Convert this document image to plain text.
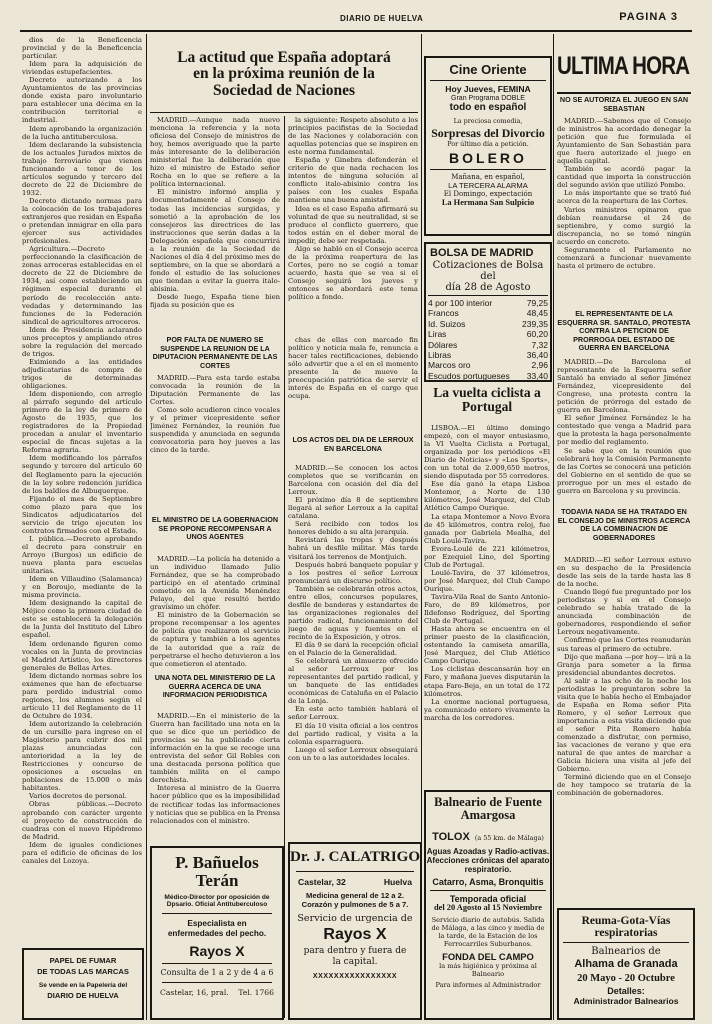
DIARIO DE HUELVA	PAGINA 3

dios de la Beneficencia provincial y de la Beneficencia particular.

Idem para la adquisición de viviendas estupefacientes.

Decreto autorizando a los Ayuntamientos de las provincias donde exista paro involuntario para establecer una décima en la contribución territorial e industrial.

Idem aprobando la organización de la lucha antituberculosa.

Idem declarando la subsistencia de los actuales Jurados mixtos de trabajo ferroviario que vienen funcionando a tenor de los artículos segundo y tercero del decreto de 22 de Diciembre de 1932.

Decreto dictando normas para la colocación de los trabajadores extranjeros que residan en España o pretendan inmigrar en ella para ejercer sus actividades profesionales.

Agricultura.—Decreto perfeccionando la clasificación de zonas arroceras establecidas en el decreto de 22 de Diciembre de 1934, así como estableciendo un régimen especial durante el período de recolección ante-vedadas y determinando las funciones de la Federación sindical de agricultores arroceros.

Idem de Presidencia aclarando unos preceptos y ampliando otros sobre la regulación del mercado de trigos.

Eximiendo a las entidades adjudicatarias de compra de trigos de determinadas obligaciones.

Idem disponiendo, con arreglo al párrafo segundo del artículo primero de la ley de primero de Agosto de 1935, que los registradores de la Propiedad procedan a anular el inventario especial de fincas sujetas a la Reforma agraria.

Idem modificando los párrafos segundo y tercero del artículo 60 del Reglamento para la ejecución de la ley sobre redención jurídica de los baldíos de Albuquerque.

Fijando el mes de Septiembre como plazo para que los Sindicatos adjudicatarios del servicio de trigo ejecuten los contratos firmados con el Estado.

I. pública.—Decreto aprobando el decreto para construir en Arroyo (Burgos) un edificio de nueva planta para escuelas unitarias.

Idem en Villaudino (Salamanca) y en Boroujo, mediante de la misma provincia.

Idem designando la capital de Méjico como la primera ciudad de este se establecerá la delegación de la Junta del Instituto del Libro español.

Idem ordenando figuren como vocales en la Junta de provincias el Madrid Artístico, los directores generales de Bellas Artes.

Idem dictando normas sobre los exámenes que han de efectuarse para perdido industrial como regiones, los alumnos según el artículo 11 del Reglamento de 11 de Octubre de 1934.

Idem autorizando la celebración de un cursillo para ingreso en el Magisterio para cubrir dos mil plazas anunciadas con anterioridad a la ley de Restricciones y concurso de oposiciones a escuelas en poblaciones de 15.000 o más habitantes.

Varios decretos de personal.

Obras públicas.—Decreto aprobando con carácter urgente el proyecto de construcción de cuadras con el nuevo Hipódromo de Madrid.

Idem de iguales condiciones para el edificio de oficinas de los canales del Lozoya.

PAPEL DE FUMAR
DE TODAS LAS MARCAS
Se vende en la Papelería del
DIARIO DE HUELVA
La actitud que España adoptará
en la próxima reunión de la
Sociedad de Naciones

MADRID.—Aunque nada nuevo menciona la referencia y la nota oficiosa del Consejo de ministros de hoy, hemos averiguado que la parte más interesante de la deliberación ministerial fue la deliberación que hizo el ministro de Estado señor Rocha en lo que se refiere a la política internacional.

El ministro informó amplia y documentadamente al Consejo de todas las incidencias surgidas, y sometió a la aprobación de los consejeros las directrices de las instrucciones que serán dadas a la Delegación española que concurrirá a la reunión de la Sociedad de Naciones el día 4 del próximo mes de septiembre, en la que se abordará a fondo el estudio de las soluciones que tiendan a evitar la guerra italo-abisinia.

Desde luego, España tiene bien fijada su posición que es

POR FALTA DE NUMERO SE SUSPENDE LA REUNION DE LA DIPUTACION PERMANENTE DE LAS CORTES

MADRID.—Para esta tarde estaba convocada la reunión de la Diputación Permanente de las Cortes.

Como solo acudieron cinco vocales y el primer vicepresidente señor Jiménez Fernández, la reunión fue suspendida y anunciada en segunda convocatoria para hoy jueves a las cinco de la tarde.

EL MINISTRO DE LA GOBERNACION SE PROPONE RECOMPENSAR A UNOS AGENTES

MADRID.—La policía ha detenido a un individuo llamado Julio Fernández, que se ha comprobado participó en el atentado criminal cometido en la Avenida Menéndez Pelayo, del que resultó herido gravísimo un chófer.

El ministro de la Gobernación se propone recompensar a los agentes de policía que realizaron el servicio de captura y también a los agentes de la autoridad que a raíz de perpetrarse el hecho detuvieron a los que cometieron el atentado.

UNA NOTA DEL MINISTERIO DE LA GUERRA ACERCA DE UNA INFORMACION PERIODISTICA

MADRID.—En el ministerio de la Guerra han facilitado una nota en la que se dice que un periódico de provincias se ha publicado cierta información en la que se recoge una entrevista del señor Gil Robles con una destacada persona política que también milita en el campo derechista.

Interesa al ministro de la Guerra hacer público que es la imposibilidad de rectificar todas las informaciones y noticias que se publica en la Prensa relacionados con el ministro.

P. Bañuelos Terán
Médico-Director por oposición de
Dpsario. Oficial Antituberculoso
Especialista en enfermedades del pecho.
Rayos X
Consulta de 1 a 2 y de 4 a 6
Castelar, 16, pral. Tel. 1766

la siguiente: Respeto absoluto a los principios pacifistas de la Sociedad de las Naciones y colaboración con aquellas potencias que se inspiren en este norma fundamental.

España y Ginebra defenderán el criterio de que nada rechacen los intentos de ninguna solución al conflicto italo-abisinio contra los países con los cuales España mantiene una buena amistad.

Idea es el caso España afirmará su voluntad de que su neutralidad, si se produce el conflicto guerrero, que todos están en el deber moral de impedir, debe ser respetada.

Algo se habló en el Consejo acerca de la próxima reapertura de las Cortes, pero no se cogió a tomar acuerdo, hasta que se vea si el Consejo seguirá los jueves y entonces se abordará este tema político a fondo.

chas de ellas con marcado fin político y noticia mala fe, renuncia a hacer tales rectificaciones, debiendo sólo advertir que a el en el momento presente la de mueve la preocupación patriótica de servir el interés de España en el cargo que ocupa.

LOS ACTOS DEL DIA DE LERROUX EN BARCELONA

MADRID.—Se conocen los actos completos que se verificarán en Barcelona con ocasión del día del Lerroux.

El próximo día 8 de septiembre llegará al señor Lerroux a la capital catalana.

Será recibido con todos los honores debido a su alta jerarquía.

Revistará las tropas y después habrá un desfile militar. Más tarde visitará los terrenos de Montjuich.

Después habrá banquete popular y a los postres el señor Lerroux pronunciará un discurso político.

También se celebrarán otros actos, entre ellos, concursos populares, desfile de banderas y estandartes de las organizaciones regionales del partido radical, funcionamiento del juego de aguas y fuentes en el recinto de la Exposición, y otros.

El día 9 se dará la recepción oficial en el Palacio de la Generalidad.

Se celebrará un almuerzo ofrecido al señor Lerroux por los representantes del partido radical, y un banquete de las entidades económicas de Cataluña en el Palacio de la Lonja.

En este acto también hablará el señor Lerroux.

El día 10 visita oficial a los centros del partido radical, y visita a la colonia esparraguera.

Luego el señor Lerroux obsequiará con un te a las autoridades locales.

Dr. J. CALATRIGO
Castelar, 32	Huelva
Medicina general de 12 a 2.
Corazón y pulmones de 5 a 7.
Servicio de urgencia de
Rayos X
para dentro y fuera de la capital.
XXXXXXXXXXXXXXXX
Cine Oriente
Hoy Jueves, FEMINA
Gran Programa DOBLE
todo en español
La preciosa comedia,
Sorpresas del Divorcio
Por último día a petición.
BOLERO
Mañana, en español,
LA TERCERA ALARMA
El Domingo, expectación
La Hermana San Sulpicio
BOLSA DE MADRID
Cotizaciones de Bolsa del
día 28 de Agosto
4 por 100 interior	79,25
Francos	48,45
Id. Suizos	239,35
Liras	60,20
Dólares	7,32
Libras	36,40
Marcos oro	2,96
Escudos portugueses	33,40
La vuelta ciclista a
Portugal

LISBOA.—El último domingo empezó, con el mayor entusiasmo, la VI Vuelta Ciclista a Portugal, organizada por los periódicos «El Diario de Noticias» y «Los Sports», con un total de 2.009,650 metros, siendo disputada por 55 corredores.

Ese día ganó la etapa Lisboa Montemor, a Norte de 130 kilómetros, José Marquez, del Club Atlético Campo Ourique.

La etapa Montemor a Novo Évora de 45 kilómetros, contra reloj, fue ganada por Gabriela Mealha, del Club Loulé-Tavira.

Évora-Loulé de 221 kilómetros, por Ezequiel Lino, del Sporting Club de Portugal.

Loulé-Tavira, de 37 kilómetros, por José Marquez, del Club Campo Ourique.

Tavira-Vila Real de Santo Antonio-Faro, de 89 kilómetros, por Ildefonso Rodríguez, del Sporting Club de Portugal.

Hasta ahora se encuentra en el primer puesto de la clasificación, ostentando la camiseta amarilla, José Marquez, del Club Atlético Campo Ourique.

Los ciclistas descansarán hoy en Faro, y mañana jueves disputarán la etapa Faro-Beja, en un total de 172 kilómetros.

La enorme nacional portuguesa, ya comunicado entero vivamente la marcha de los corredores.

Balneario de Fuente Amargosa
TOLOX (a 55 km. de Málaga)
Aguas Azoadas y Radio-activas.
Afecciones crónicas del aparato respiratorio.
Catarro, Asma, Bronquitis
Temporada oficial
del 20 Agosto al 15 Noviembre
Servicio diario de autobús. Salida de Málaga, a las cinco y media de la tarde, de la Estación de los Ferrocarriles Suburbanos.
FONDA DEL CAMPO
la más higiénica y próxima al Balneario
Para informes al Administrador
ULTIMA HORA
NO SE AUTORIZA EL JUEGO EN SAN SEBASTIAN

MADRID.—Sabemos que el Consejo de ministros ha acordado denegar la petición que fue formulada el Ayuntamiento de San Sebastián para que fuera autorizado el juego en aquella capital.

También se acordó pagar la cantidad que importa la construcción del segundo avión que utilizó Pombo.

Lo más importante que se trató fué acerca de la reapertura de las Cortes.

Varios ministros opinaron que debían reanudarse el 24 de septiembre, y como surgió la discrepancia, no se tomó ningún acuerdo en concreto.

Seguramente el Parlamento no comenzará a funcionar nuevamente hasta el primero de octubre.

EL REPRESENTANTE DE LA ESQUERRA SR. SANTALO, PROTESTA CONTRA LA PETICION DE PRORROGA DEL ESTADO DE GUERRA EN BARCELONA

MADRID.—De Barcelona el representante de la Esquerra señor Santaló ha enviado al señor Jiménez Fernández, vicepresidente del Congreso, una protesta contra la petición de prórroga del estado de guerra en Barcelona.

El señor Jiménez Fernández le ha contestado que venga a Madrid para que la protesta la haga personalmente por medio del reglamento.

Se sabe que en la reunión que celebrará hoy la Comisión Permanente de las Cortes se conocerá una petición del Gobierno en el sentido de que se prorrogue por un mes el estado de guerra en Barcelona y su provincia.

TODAVIA NADA SE HA TRATADO EN EL CONSEJO DE MINISTROS ACERCA DE LA COMBINACION DE GOBERNADORES

MADRID.—El señor Lerroux estuvo en su despacho de la Presidencia desde las seis de la tarde hasta las 8 de la noche.

Cuando llegó fue preguntado por los periodistas y si en el Consejo celebrado se había tratado de la anunciada combinación de gobernadores, respondiendo el señor Lerroux negativamente.

Confirmó que las Cortes reanudarán sus tareas el primero de octubre.

Dijo que mañana —por hoy— irá a la Granja para someter a la firma presidencial abundantes decretos.

Al salir a las ocho de la noche los periodistas le preguntaron sobre la visita que le había hecho el Embajador de España en Roma señor Pita Romero, y el señor Lerroux que importancia a esta visita diciendo que el señor Pita Romero había comenzado a disfrutar, con permiso, las vacaciones de verano y que era natural de que antes de marchar a Galicia hiciera una visita al jefe del Gobierno.

Terminó diciendo que en el Consejo de hoy tampoco se trataría de la combinación de gobernadores.

Reuma-Gota-Vías respiratorias
Balnearios de
Alhama de Granada
20 Mayo - 20 Octubre
Detalles:
Administrador Balnearios
